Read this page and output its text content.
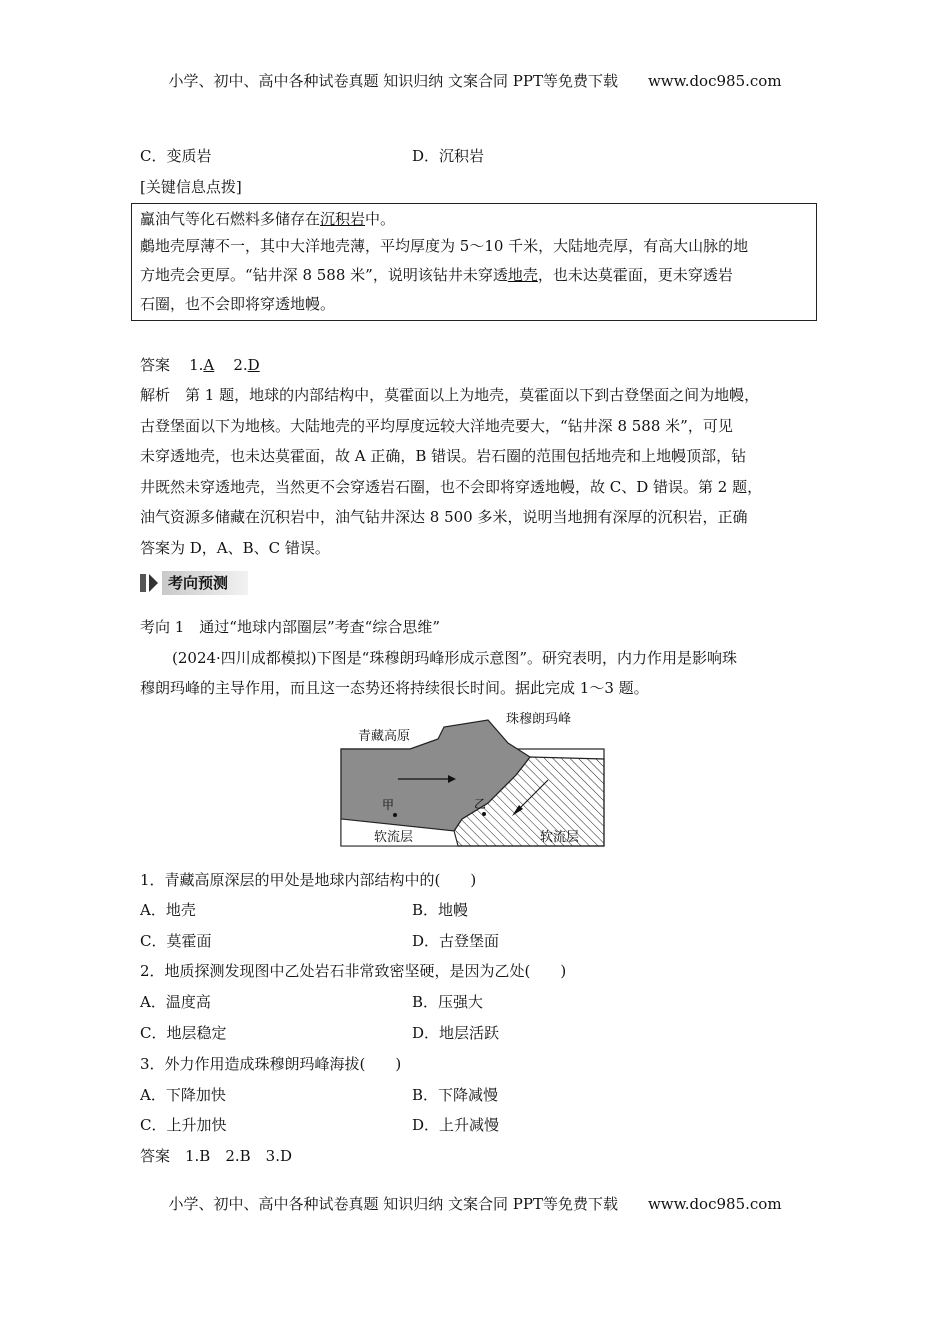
小学、初中、高中各种试卷真题 知识归纳 文案合同 PPT等免费下载 www.doc985.com
C．变质岩	D．沉积岩
[关键信息点拨]
鸁油气等化石燃料多储存在沉积岩中。
鸆地壳厚薄不一，其中大洋地壳薄，平均厚度为 5～10 千米，大陆地壳厚，有高大山脉的地
方地壳会更厚。“钻井深 8 588 米”，说明该钻井未穿透地壳，也未达莫霍面，更未穿透岩
石圈，也不会即将穿透地幔。
答案 1.A 2.D
解析　第 1 题，地球的内部结构中，莫霍面以上为地壳，莫霍面以下到古登堡面之间为地幔，
古登堡面以下为地核。大陆地壳的平均厚度远较大洋地壳要大，“钻井深 8 588 米”，可见
未穿透地壳，也未达莫霍面，故 A 正确，B 错误。岩石圈的范围包括地壳和上地幔顶部，钻
井既然未穿透地壳，当然更不会穿透岩石圈，也不会即将穿透地幔，故 C、D 错误。第 2 题，
油气资源多储藏在沉积岩中，油气钻井深达 8 500 多米，说明当地拥有深厚的沉积岩，正确
答案为 D，A、B、C 错误。
考向预测
考向 1　通过“地球内部圈层”考查“综合思维”
(2024·四川成都模拟)下图是“珠穆朗玛峰形成示意图”。研究表明，内力作用是影响珠
穆朗玛峰的主导作用，而且这一态势还将持续很长时间。据此完成 1～3 题。
珠穆朗玛峰
青藏高原
甲	乙
软流层	软流层
1．青藏高原深层的甲处是地球内部结构中的(　　)
A．地壳	B．地幔
C．莫霍面	D．古登堡面
2．地质探测发现图中乙处岩石非常致密坚硬，是因为乙处(　　)
A．温度高	B．压强大
C．地层稳定	D．地层活跃
3．外力作用造成珠穆朗玛峰海拔(　　)
A．下降加快	B．下降减慢
C．上升加快	D．上升减慢
答案　1.B　2.B　3.D
小学、初中、高中各种试卷真题 知识归纳 文案合同 PPT等免费下载 www.doc985.com
